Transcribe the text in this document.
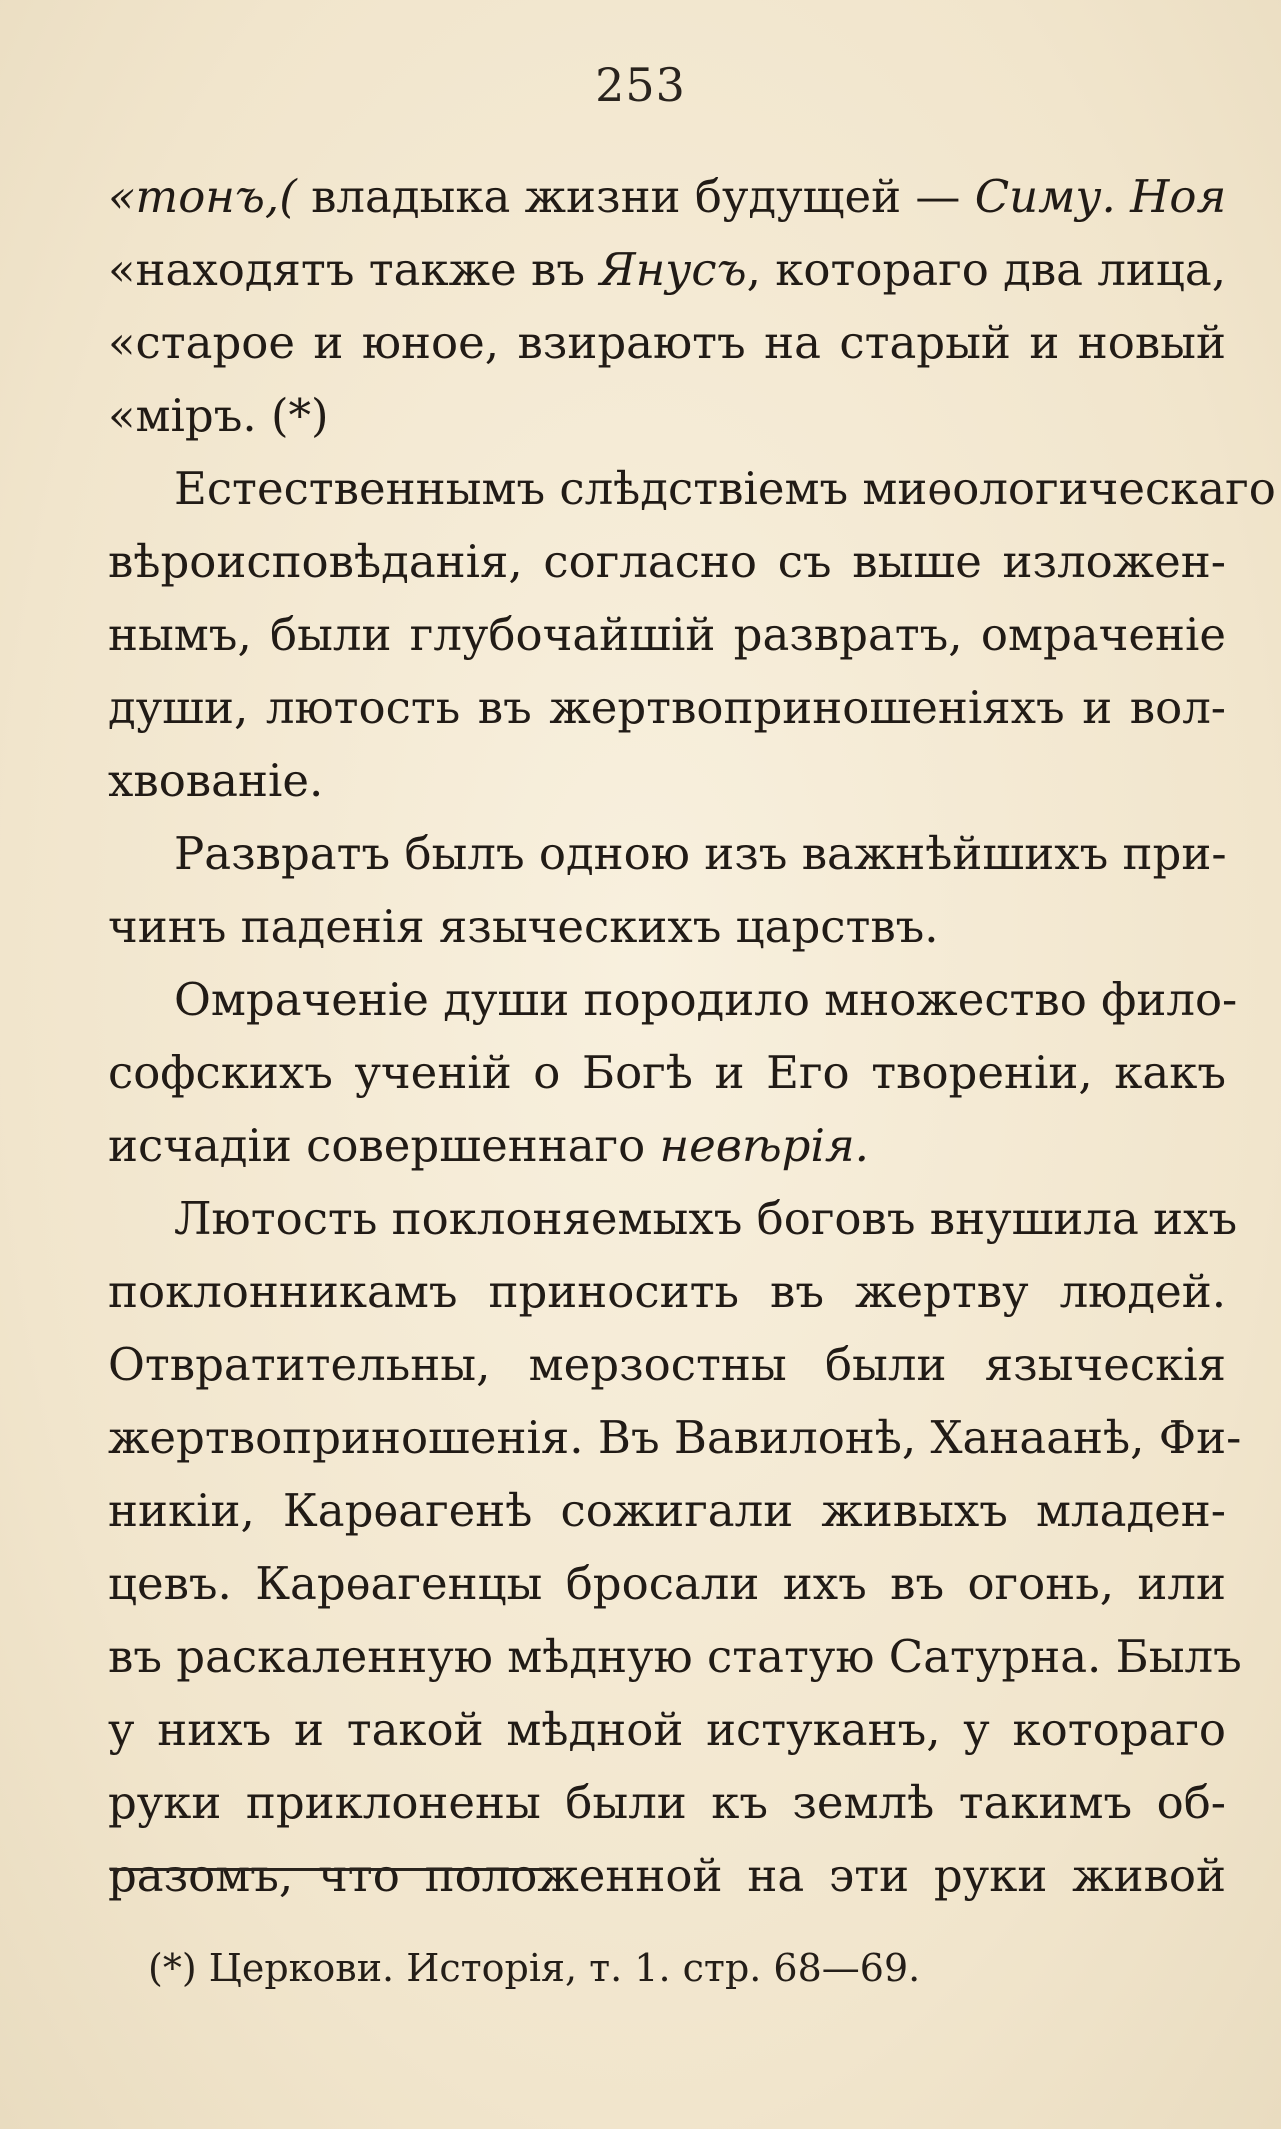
253
«тонъ,( владыка жизни будущей — Симу. Ноя
«находятъ также въ Янусъ, котораго два лица,
«старое и юное, взираютъ на старый и новый
«міръ. (*)
Естественнымъ слѣдствіемъ миѳологическаго
вѣроисповѣданія, согласно съ выше изложен-
нымъ, были глубочайшій развратъ, омраченіе
души, лютость въ жертвоприношеніяхъ и вол-
хвованіе.
Развратъ былъ одною изъ важнѣйшихъ при-
чинъ паденія языческихъ царствъ.
Омраченіе души породило множество фило-
софскихъ ученій о Богѣ и Его твореніи, какъ
исчадіи совершеннаго невѣрія.
Лютость поклоняемыхъ боговъ внушила ихъ
поклонникамъ приносить въ жертву людей.
Отвратительны, мерзостны были языческія
жертвоприношенія. Въ Вавилонѣ, Ханаанѣ, Фи-
никіи, Карѳагенѣ сожигали живыхъ младен-
цевъ. Карѳагенцы бросали ихъ въ огонь, или
въ раскаленную мѣдную статую Сатурна. Былъ
у нихъ и такой мѣдной истуканъ, у котораго
руки приклонены были къ землѣ такимъ об-
разомъ, что положенной на эти руки живой
(*) Церкови. Исторія, т. 1. стр. 68—69.
